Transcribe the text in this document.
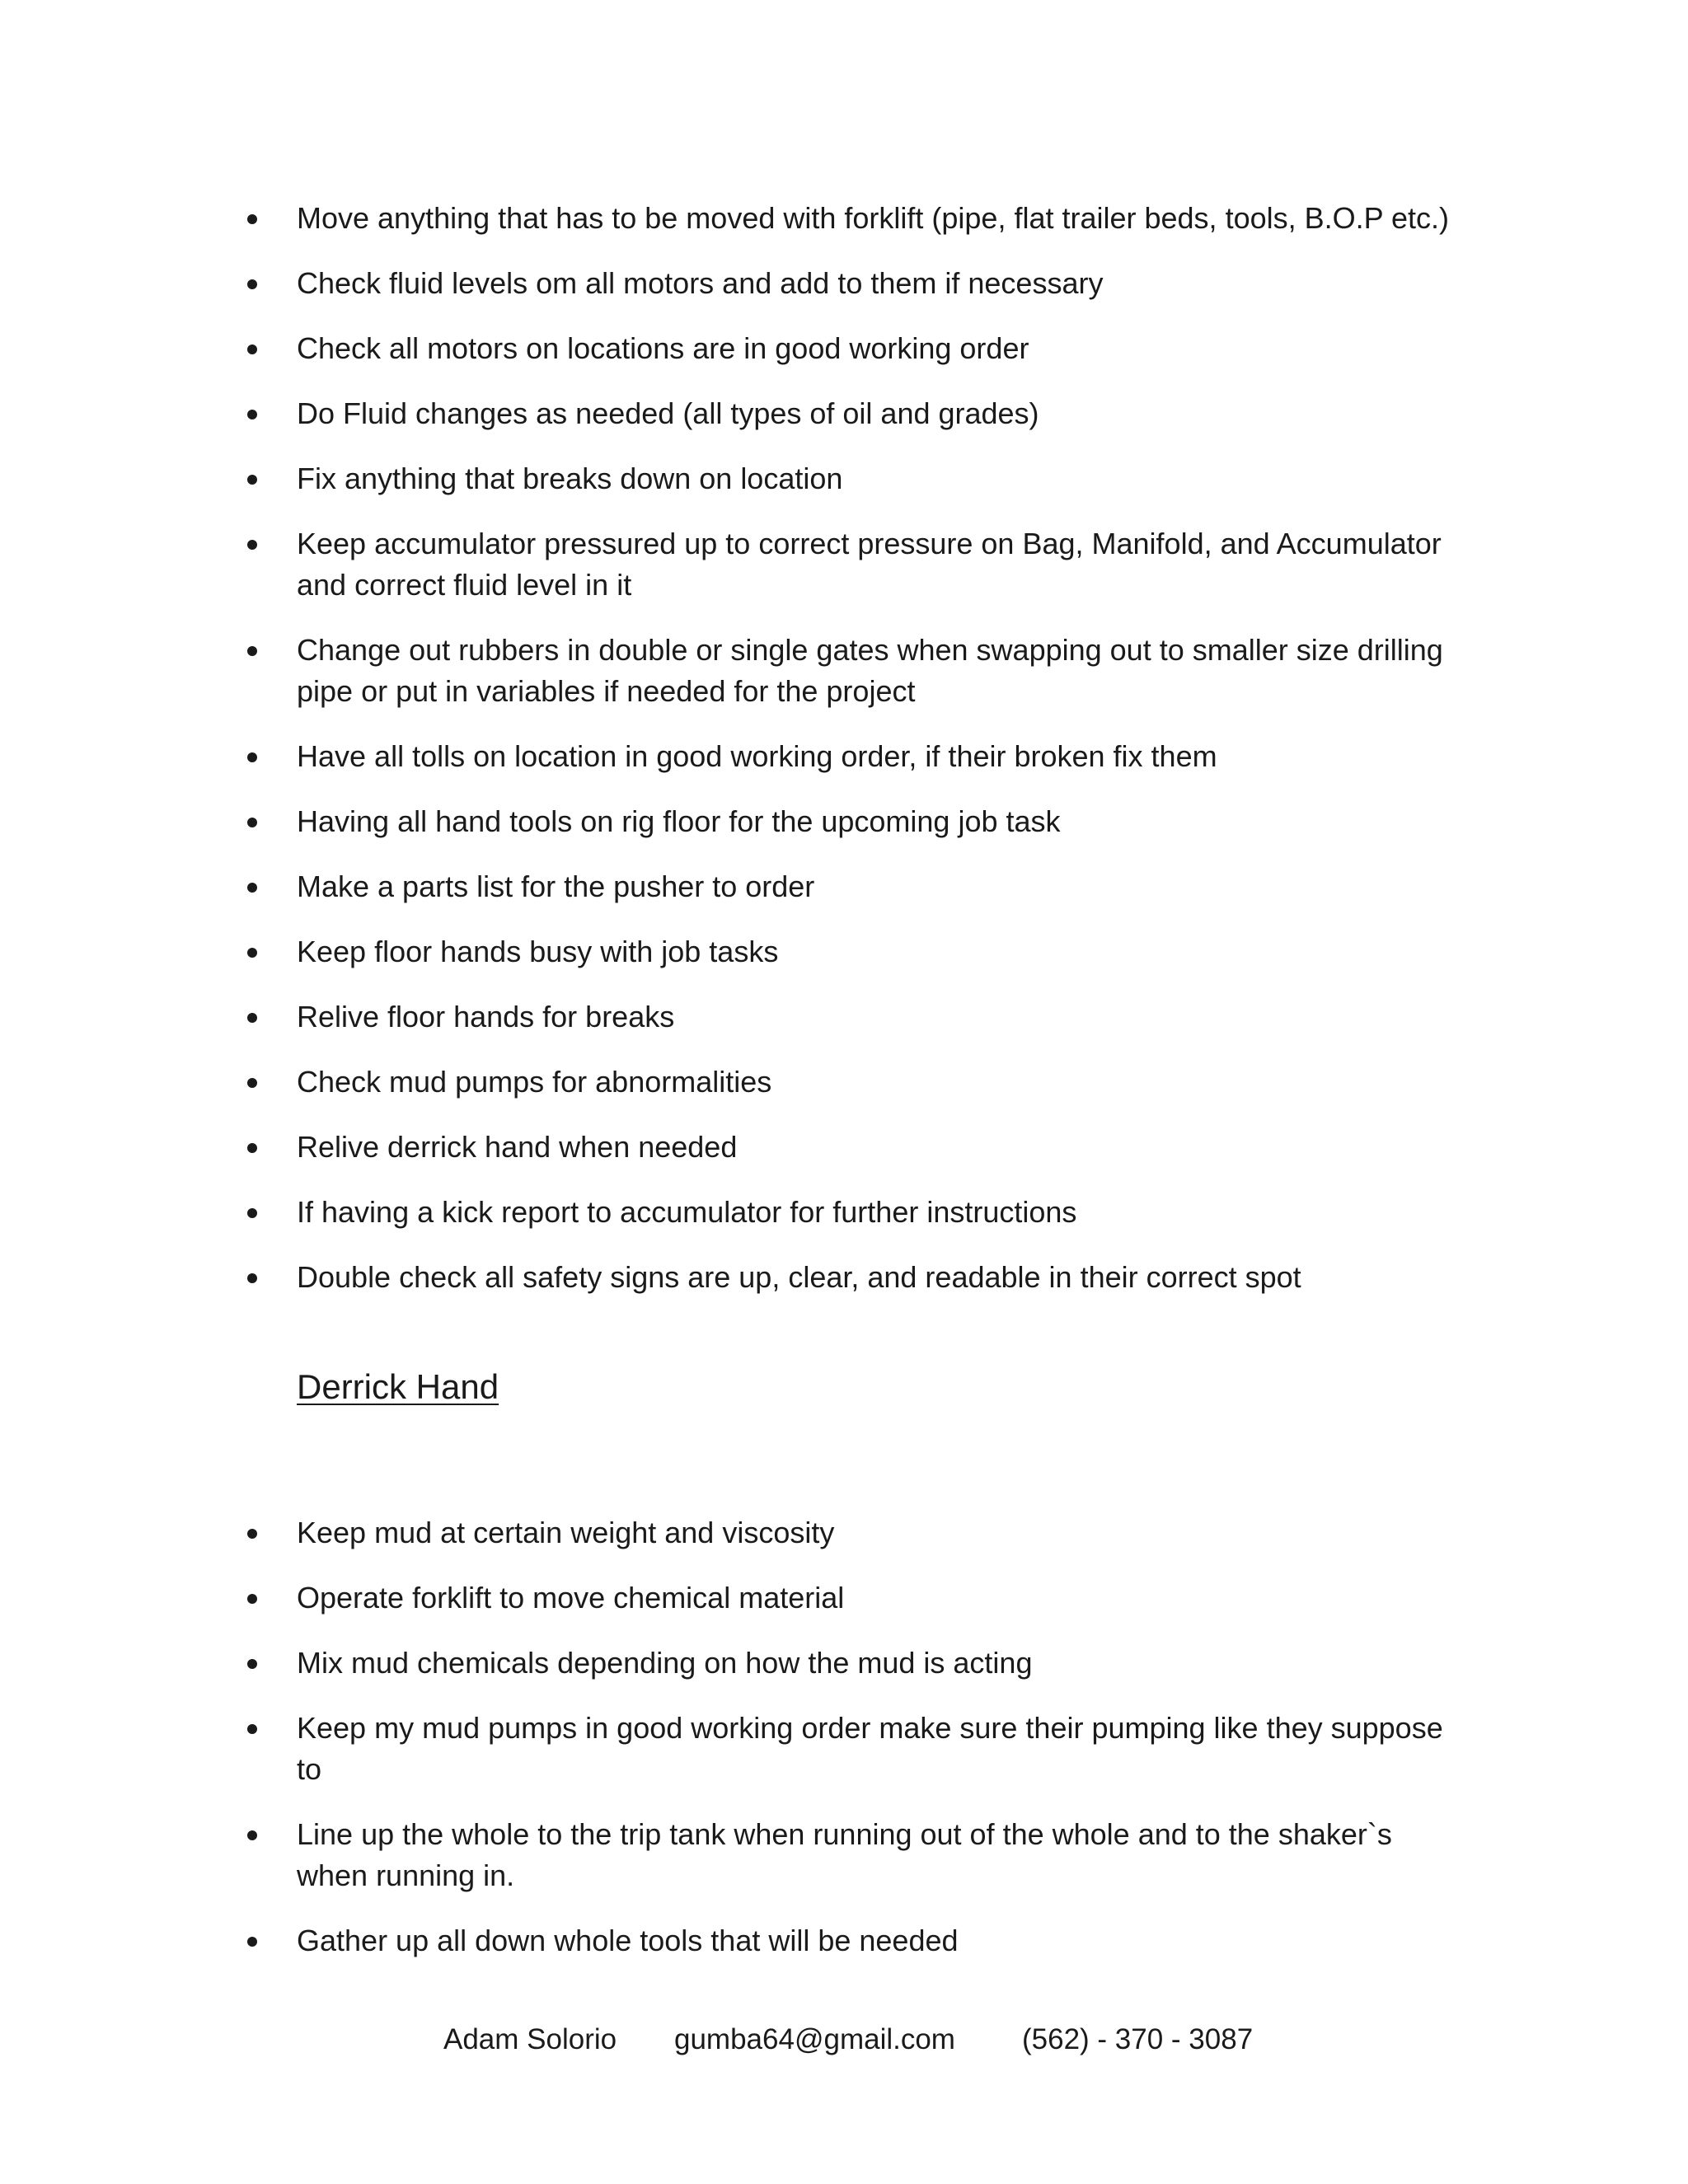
Move anything that has to be moved with forklift (pipe, flat trailer beds, tools, B.O.P etc.)
Check fluid levels om all motors and add to them if necessary
Check all motors on locations are in good working order
Do Fluid changes as needed (all types of oil and grades)
Fix anything that breaks down on location
Keep accumulator pressured up to correct pressure on Bag, Manifold, and Accumulator and correct fluid level in it
Change out rubbers in double or single gates when swapping out to smaller size drilling pipe or put in variables if needed for the project
Have all tolls on location in good working order, if their broken fix them
Having all hand tools on rig floor for the upcoming job task
Make a parts list for the pusher to order
Keep floor hands busy with job tasks
Relive floor hands for breaks
Check mud pumps for abnormalities
Relive derrick hand when needed
If having a kick report to accumulator for further instructions
Double check all safety signs are up, clear, and readable in their correct spot
Derrick Hand
Keep mud at certain weight and viscosity
Operate forklift to move chemical material
Mix mud chemicals depending on how the mud is acting
Keep my mud pumps in good working order make sure their pumping like they suppose to
Line up the whole to the trip tank when running out of the whole and to the shaker`s when running in.
Gather up all down whole tools that will be needed
Adam Solorio gumba64@gmail.com (562) - 370 - 3087
